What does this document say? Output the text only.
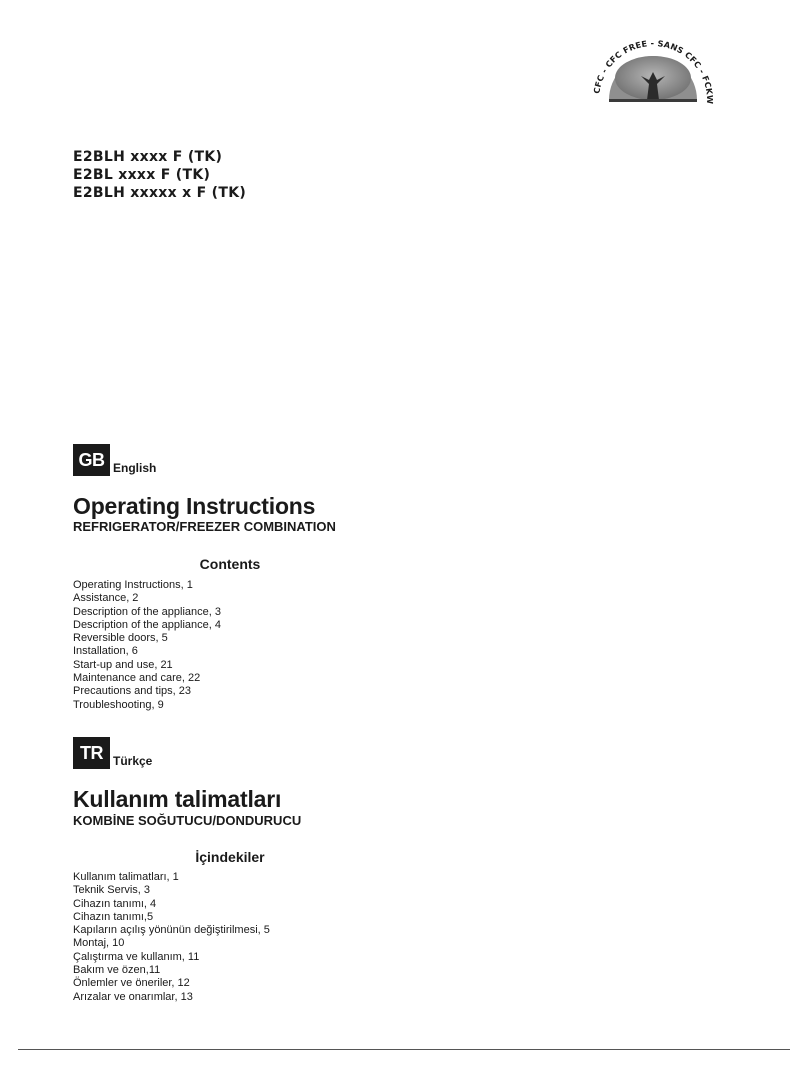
CFC - CFC FREE - SANS CFC - FCKW
E2BLH xxxx F (TK)
E2BL xxxx F (TK)
E2BLH xxxxx x F (TK)
GB English
Operating Instructions
REFRIGERATOR/FREEZER COMBINATION
Contents
Operating Instructions, 1
Assistance, 2
Description of the appliance, 3
Description of the appliance, 4
Reversible doors, 5
Installation, 6
Start-up and use, 21
Maintenance and care, 22
Precautions and tips, 23
Troubleshooting, 9
TR Türkçe
Kullanım talimatları
KOMBİNE SOĞUTUCU/DONDURUCU
İçindekiler
Kullanım talimatları, 1
Teknik Servis, 3
Cihazın tanımı, 4
Cihazın tanımı,5
Kapıların açılış yönünün değiştirilmesi, 5
Montaj, 10
Çalıştırma ve kullanım, 11
Bakım ve özen,11
Önlemler ve öneriler, 12
Arızalar ve onarımlar, 13
